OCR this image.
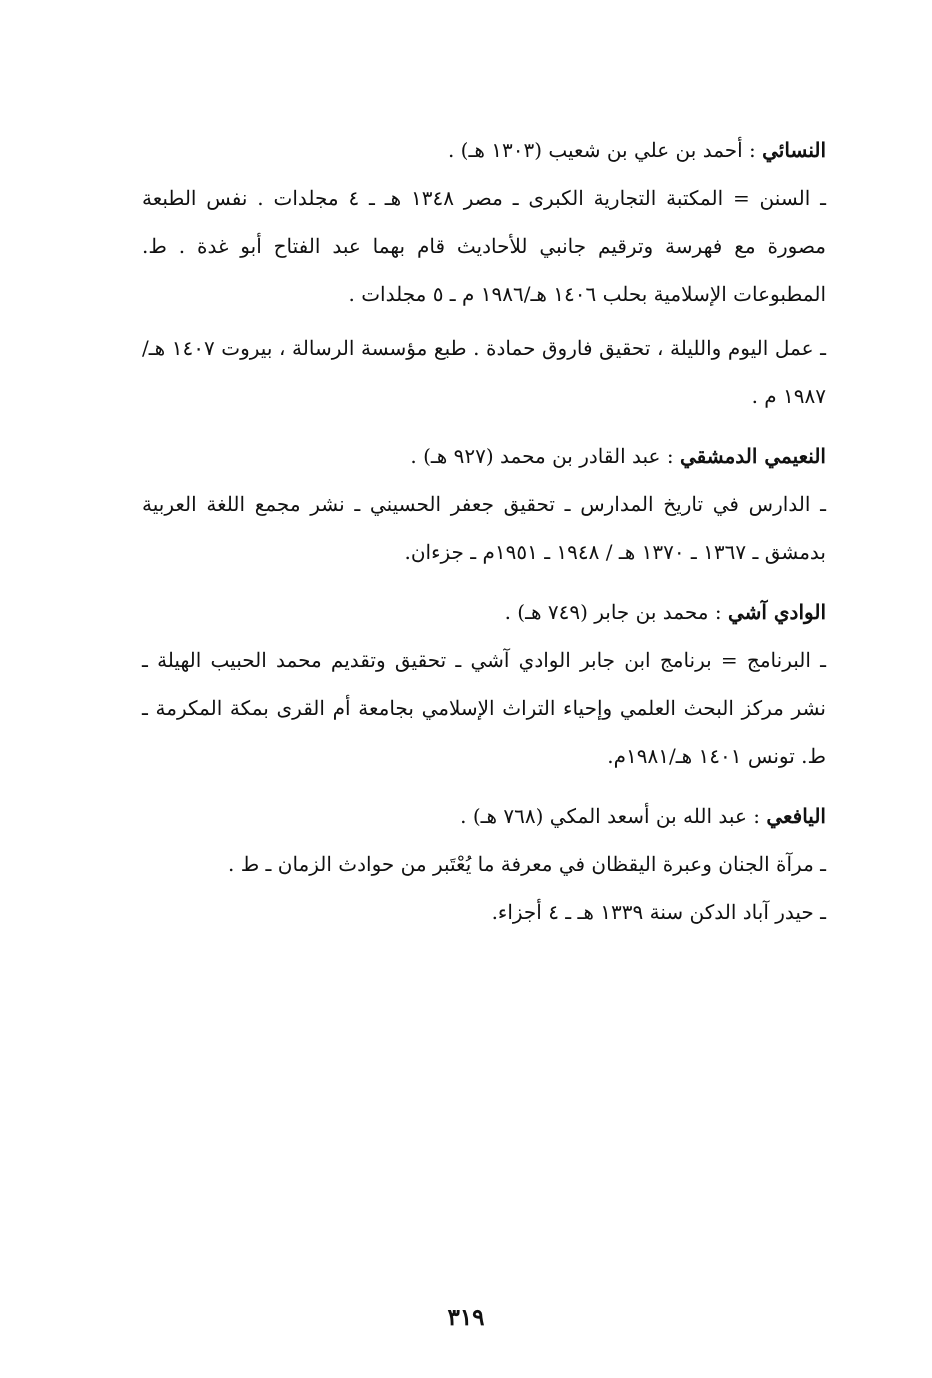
النسائي : أحمد بن علي بن شعيب (۱۳۰۳ هـ) .

ـ السنن = المكتبة التجارية الكبرى ـ مصر ۱۳٤٨ هـ ـ ٤ مجلدات . نفس الطبعة مصورة مع فهرسة وترقيم جانبي للأحاديث قام بهما عبد الفتاح أبو غدة . ط. المطبوعات الإسلامية بحلب ١٤٠٦ هـ/١٩٨٦ م ـ ٥ مجلدات .

ـ عمل اليوم والليلة ، تحقيق فاروق حمادة . طبع مؤسسة الرسالة ، بيروت ۱٤۰۷ هـ/۱۹۸۷ م .

النعيمي الدمشقي : عبد القادر بن محمد (۹۲۷ هـ) .

ـ الدارس في تاريخ المدارس ـ تحقيق جعفر الحسيني ـ نشر مجمع اللغة العربية بدمشق ـ ١٣٦٧ ـ ۱۳۷۰ هـ / ١٩٤٨ ـ ١٩٥١م ـ جزءان.

الوادي آشي : محمد بن جابر (٧٤٩ هـ) .

ـ البرنامج = برنامج ابن جابر الوادي آشي ـ تحقيق وتقديم محمد الحبيب الهيلة ـ نشر مركز البحث العلمي وإحياء التراث الإسلامي بجامعة أم القرى بمكة المكرمة ـ ط. تونس ١٤٠١ هـ/١٩٨١م.

اليافعي : عبد الله بن أسعد المكي (٧٦٨ هـ) .

ـ مرآة الجنان وعبرة اليقظان في معرفة ما يُعْتَبر من حوادث الزمان ـ ط .

ـ حيدر آباد الدكن سنة ۱۳۳۹ هـ ـ ٤ أجزاء.

۳۱۹
